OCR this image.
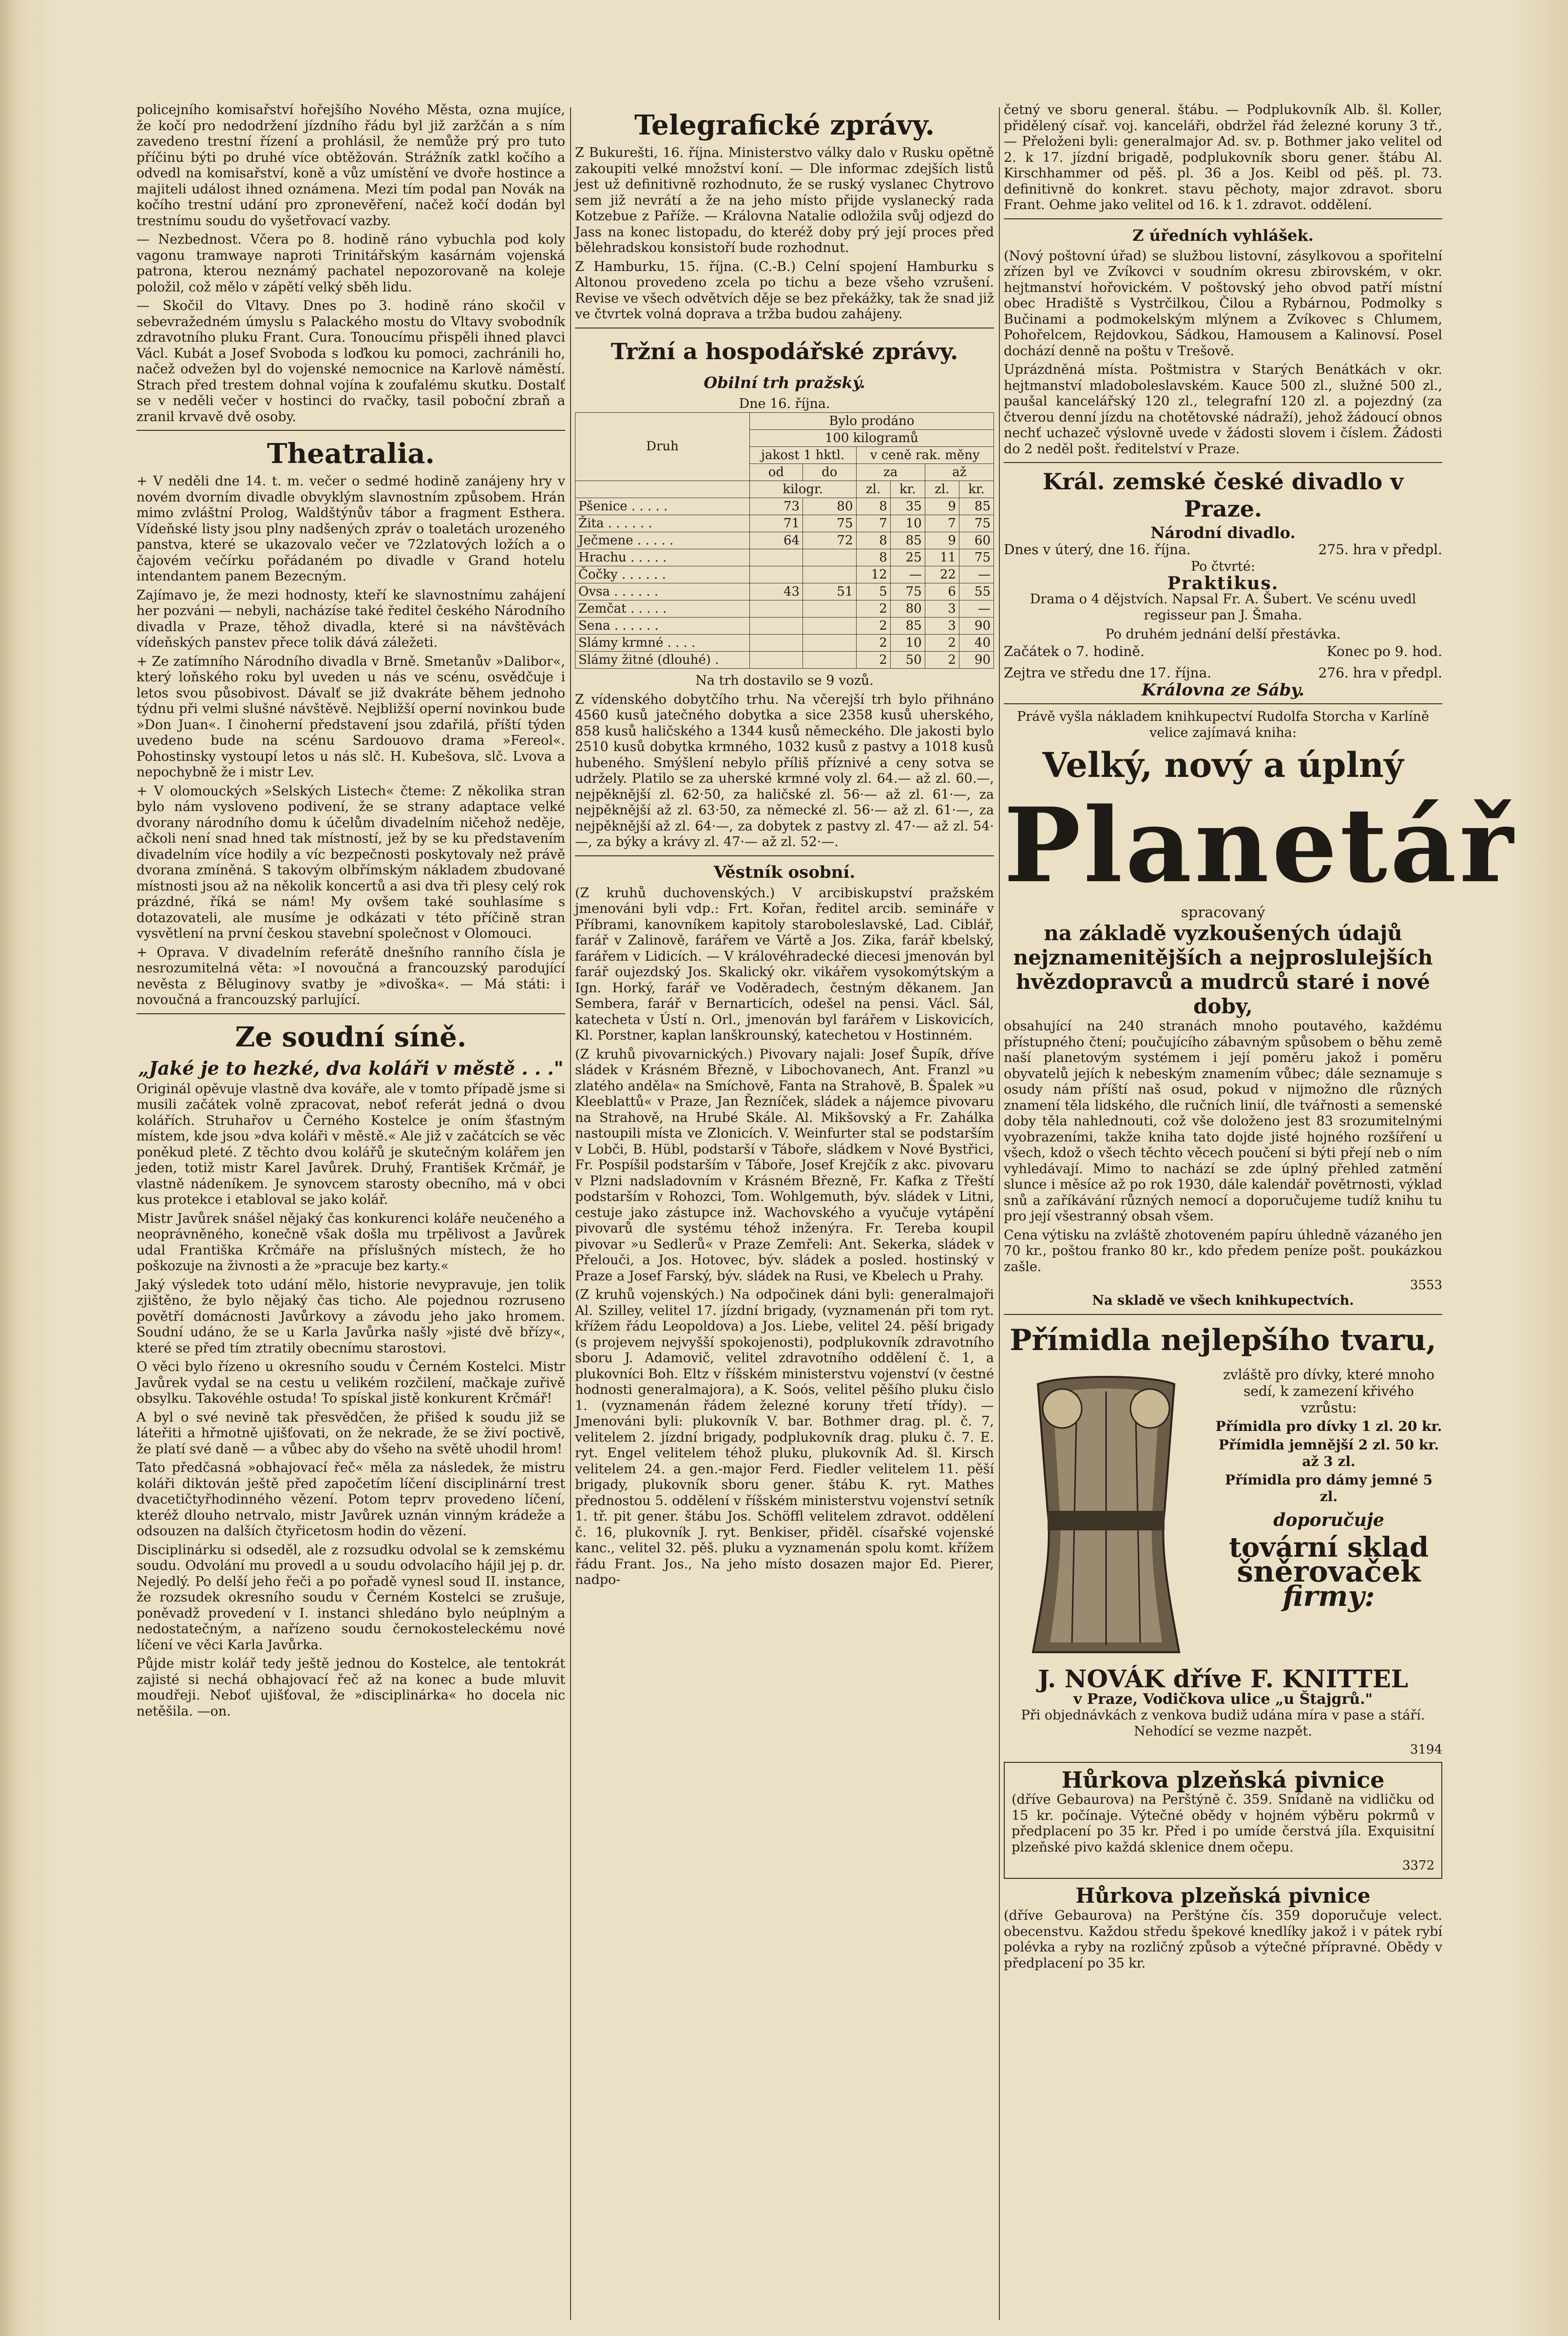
policejního komisařství hořejšího Nového Města, ozna mujíce, že kočí pro nedodržení jízdního řádu byl již zaržčán a s ním zavedeno trestní řízení a prohlásil, že nemůže prý pro tuto příčinu býti po druhé více obtěžován. Strážník zatkl kočího a odvedl na komisařství, koně a vůz umístění ve dvoře hostince a majiteli událost ihned oznámena. Mezi tím podal pan Novák na kočího trestní udání pro zpronevěření, načež kočí dodán byl trestnímu soudu do vyšetřovací vazby.

— Nezbednost. Včera po 8. hodině ráno vybuchla pod koly vagonu tramwaye naproti Trinitářským kasárnám vojenská patrona, kterou neznámý pachatel nepozorovaně na koleje položil, což mělo v zápětí velký sběh lidu.

— Skočil do Vltavy. Dnes po 3. hodině ráno skočil v sebevražedném úmyslu s Palackého mostu do Vltavy svobodník zdravotního pluku Frant. Cura. Tonoucímu přispěli ihned plavci Václ. Kubát a Josef Svoboda s loďkou ku pomoci, zachránili ho, načež odvežen byl do vojenské nemocnice na Karlově náměstí. Strach před trestem dohnal vojína k zoufalému skutku. Dostalť se v neděli večer v hostinci do rvačky, tasil poboční zbraň a zranil krvavě dvě osoby.

Theatralia.

+ V neděli dne 14. t. m. večer o sedmé hodině zanájeny hry v novém dvorním divadle obvyklým slavnostním způsobem. Hrán mimo zvláštní Prolog, Waldštýnův tábor a fragment Esthera. Vídeňské listy jsou plny nadšených zpráv o toaletách urozeného panstva, které se ukazovalo večer ve 72zlatových ložích a o čajovém večírku pořádaném po divadle v Grand hotelu intendantem panem Bezecným.

Zajímavo je, že mezi hodnosty, kteří ke slavnostnímu zahájení her pozváni — nebyli, nacházíse také ředitel českého Národního divadla v Praze, těhož divadla, které si na návštěvách vídeňských panstev přece tolik dává záležeti.

+ Ze zatímního Národního divadla v Brně. Smetanův »Dalibor«, který loňského roku byl uveden u nás ve scénu, osvědčuje i letos svou působivost. Dávalť se již dvakráte během jednoho týdnu při velmi slušné návštěvě. Nejbližší operní novinkou bude »Don Juan«. I činoherní představení jsou zdařilá, příští týden uvedeno bude na scénu Sardouovo drama »Fereol«. Pohostinsky vystoupí letos u nás slč. H. Kubešova, slč. Lvova a nepochybně že i mistr Lev.

+ V olomouckých »Selských Listech« čteme: Z několika stran bylo nám vysloveno podivení, že se strany adaptace velké dvorany národního domu k účelům divadelním ničehož neděje, ačkoli není snad hned tak místností, jež by se ku představením divadelním více hodily a víc bezpečnosti poskytovaly než právě dvorana zmíněná. S takovým olbřímským nákladem zbudované místnosti jsou až na několik koncertů a asi dva tři plesy celý rok prázdné, říká se nám! My ovšem také souhlasíme s dotazovateli, ale musíme je odkázati v této příčině stran vysvětlení na první českou stavební společnost v Olomouci.

+ Oprava. V divadelním referátě dnešního ranního čísla je nesrozumitelná věta: »I novoučná a francouzský parodující nevěsta z Běluginovy svatby je »divoška«. — Má státi: i novoučná a francouzský parlující.

Ze soudní síně.
„Jaké je to hezké, dva koláři v městě . . ."

Originál opěvuje vlastně dva kováře, ale v tomto případě jsme si musili začátek volně zpracovat, neboť referát jedná o dvou kolářích. Struhařov u Černého Kostelce je oním šťastným místem, kde jsou »dva koláři v městě.« Ale již v začátcích se věc poněkud pleté. Z těchto dvou kolářů je skutečným kolářem jen jeden, totiž mistr Karel Javůrek. Druhý, František Krčmář, je vlastně nádeníkem. Je synovcem starosty obecního, má v obci kus protekce i etabloval se jako kolář.

Mistr Javůrek snášel nějaký čas konkurenci koláře neučeného a neoprávněného, konečně však došla mu trpělivost a Javůrek udal Františka Krčmáře na příslušných místech, že ho poškozuje na živnosti a že »pracuje bez karty.«

Jaký výsledek toto udání mělo, historie nevypravuje, jen tolik zjištěno, že bylo nějaký čas ticho. Ale pojednou rozruseno povětří domácnosti Javůrkovy a závodu jeho jako hromem. Soudní udáno, že se u Karla Javůrka našly »jisté dvě břízy«, které se před tím ztratily obecnímu starostovi.

O věci bylo řízeno u okresního soudu v Černém Kostelci. Mistr Javůrek vydal se na cestu u velikém rozčilení, mačkaje zuřivě obsylku. Takovéhle ostuda! To spískal jistě konkurent Krčmář!

A byl o své nevině tak přesvědčen, že přišed k soudu již se láteřiti a hřmotně ujišťovati, on že nekrade, že se živí poctivě, že platí své daně — a vůbec aby do všeho na světě uhodil hrom!

Tato předčasná »obhajovací řeč« měla za následek, že mistru koláři diktován ještě před započetím líčení disciplinární trest dvacetičtyřhodinného vězení. Potom teprv provedeno líčení, kteréž dlouho netrvalo, mistr Javůrek uznán vinným krádeže a odsouzen na dalších čtyřicetosm hodin do vězení.

Disciplinárku si odseděl, ale z rozsudku odvolal se k zemskému soudu. Odvolání mu provedl a u soudu odvolacího hájil jej p. dr. Nejedlý. Po delší jeho řeči a po pořadě vynesl soud II. instance, že rozsudek okresního soudu v Černém Kostelci se zrušuje, poněvadž provedení v I. instanci shledáno bylo neúplným a nedostatečným, a nařízeno soudu černokosteleckému nové líčení ve věci Karla Javůrka.

Půjde mistr kolář tedy ještě jednou do Kostelce, ale tentokrát zajisté si nechá obhajovací řeč až na konec a bude mluvit moudřeji. Neboť ujišťoval, že »disciplinárka« ho docela nic netěšila. —on.

Telegrafické zprávy.

Z Bukurešti, 16. října. Ministerstvo války dalo v Rusku opětně zakoupiti velké množství koní. — Dle informac zdejších listů jest už definitivně rozhodnuto, že se ruský vyslanec Chytrovo sem již nevrátí a že na jeho místo přijde vyslanecký rada Kotzebue z Paříže. — Královna Natalie odložila svůj odjezd do Jass na konec listopadu, do kteréž doby prý její proces před bělehradskou konsistoří bude rozhodnut.

Z Hamburku, 15. října. (C.-B.) Celní spojení Hamburku s Altonou provedeno zcela po tichu a beze všeho vzrušení. Revise ve všech odvětvích děje se bez překážky, tak že snad již ve čtvrtek volná doprava a tržba budou zahájeny.

Tržní a hospodářské zprávy.
Obilní trh pražský.
Dne 16. října.
Druh	Bylo prodáno					
	100 kilogramů					
	jakost 1 hktl.		v ceně rak. měny			
	od	do	za		až	
	kilogr.		zl.	kr.	zl.	kr.
Pšenice . . . . .	73	80	8	35	9	85
Žita . . . . . .	71	75	7	10	7	75
Ječmene . . . . .	64	72	8	85	9	60
Hrachu . . . . .			8	25	11	75
Čočky . . . . . .			12	—	22	—
Ovsa . . . . . .	43	51	5	75	6	55
Zemčat . . . . .			2	80	3	—
Sena . . . . . .			2	85	3	90
Slámy krmné . . . .			2	10	2	40
Slámy žitné (dlouhé) .			2	50	2	90

Na trh dostavilo se 9 vozů.

Z vídenského dobytčího trhu. Na včerejší trh bylo přihnáno 4560 kusů jatečného dobytka a sice 2358 kusů uherského, 858 kusů haličského a 1344 kusů německého. Dle jakosti bylo 2510 kusů dobytka krmného, 1032 kusů z pastvy a 1018 kusů hubeného. Smýšlení nebylo příliš příznivé a ceny sotva se udržely. Platilo se za uherské krmné voly zl. 64.— až zl. 60.—, nejpěknější zl. 62·50, za haličské zl. 56·— až zl. 61·—, za nejpěknější až zl. 63·50, za německé zl. 56·— až zl. 61·—, za nejpěknější až zl. 64·—, za dobytek z pastvy zl. 47·— až zl. 54·—, za býky a krávy zl. 47·— až zl. 52·—.

Věstník osobní.

(Z kruhů duchovenských.) V arcibiskupství pražském jmenováni byli vdp.: Frt. Kořan, ředitel arcib. semináře v Příbrami, kanovníkem kapitoly staroboleslavské, Lad. Ciblář, farář v Zalinově, farářem ve Vártě a Jos. Zika, farář kbelský, farářem v Lidicích. — V královéhradecké diecesi jmenován byl farář oujezdský Jos. Skalický okr. vikářem vysokomýtským a Ign. Horký, farář ve Voděradech, čestným děkanem. Jan Sembera, farář v Bernarticích, odešel na pensi. Václ. Sál, katecheta v Ústí n. Orl., jmenován byl farářem v Liskovicích, Kl. Porstner, kaplan lanškrounský, katechetou v Hostinném.

(Z kruhů pivovarnických.) Pivovary najali: Josef Šupík, dříve sládek v Krásném Březně, v Libochovanech, Ant. Franzl »u zlatého anděla« na Smíchově, Fanta na Strahově, B. Špalek »u Kleeblattů« v Praze, Jan Řezníček, sládek a nájemce pivovaru na Strahově, na Hrubé Skále. Al. Mikšovský a Fr. Zahálka nastoupili místa ve Zlonicích. V. Weinfurter stal se podstarším v Lobči, B. Hübl, podstarší v Táboře, sládkem v Nové Bystřici, Fr. Pospíšil podstarším v Táboře, Josef Krejčík z akc. pivovaru v Plzni nadsladovním v Krásném Březně, Fr. Kafka z Třeští podstarším v Rohozci, Tom. Wohlgemuth, býv. sládek v Litni, cestuje jako zástupce inž. Wachovského a vyučuje vytápění pivovarů dle systému téhož inženýra. Fr. Tereba koupil pivovar »u Sedlerů« v Praze Zemřeli: Ant. Sekerka, sládek v Přelouči, a Jos. Hotovec, býv. sládek a posled. hostinský v Praze a Josef Farský, býv. sládek na Rusi, ve Kbelech u Prahy.

(Z kruhů vojenských.) Na odpočinek dáni byli: generalmajoři Al. Szilley, velitel 17. jízdní brigady, (vyznamenán při tom ryt. křížem řádu Leopoldova) a Jos. Liebe, velitel 24. pěší brigady (s projevem nejvyšší spokojenosti), podplukovník zdravotního sboru J. Adamovič, velitel zdravotního oddělení č. 1, a plukovníci Boh. Eltz v říšském ministerstvu vojenství (v čestné hodnosti generalmajora), a K. Soós, velitel pěšího pluku čislo 1. (vyznamenán řádem železné koruny třetí třídy). — Jmenováni byli: plukovník V. bar. Bothmer drag. pl. č. 7, velitelem 2. jízdní brigady, podplukovník drag. pluku č. 7. E. ryt. Engel velitelem téhož pluku, plukovník Ad. šl. Kirsch velitelem 24. a gen.-major Ferd. Fiedler velitelem 11. pěší brigady, plukovník sboru gener. štábu K. ryt. Mathes přednostou 5. oddělení v říšském ministerstvu vojenství setník 1. tř. pit gener. štábu Jos. Schöffl velitelem zdravot. oddělení č. 16, plukovník J. ryt. Benkiser, přiděl. císařské vojenské kanc., velitel 32. pěš. pluku a vyznamenán spolu komt. křížem řádu Frant. Jos., Na jeho místo dosazen major Ed. Pierer, nadpo-

četný ve sboru general. štábu. — Podplukovník Alb. šl. Koller, přidělený císař. voj. kanceláři, obdržel řád železné koruny 3 tř., — Přeloženi byli: generalmajor Ad. sv. p. Bothmer jako velitel od 2. k 17. jízdní brigadě, podplukovník sboru gener. štábu Al. Kirschhammer od pěš. pl. 36 a Jos. Keibl od pěš. pl. 73. definitivně do konkret. stavu pěchoty, major zdravot. sboru Frant. Oehme jako velitel od 16. k 1. zdravot. oddělení.

Z úředních vyhlášek.

(Nový poštovní úřad) se službou listovní, zásylkovou a spořitelní zřízen byl ve Zvíkovci v soudním okresu zbirovském, v okr. hejtmanství hořovickém. V poštovský jeho obvod patří místní obec Hradiště s Vystrčilkou, Čilou a Rybárnou, Podmolky s Bučinami a podmokelským mlýnem a Zvíkovec s Chlumem, Pohořelcem, Rejdovkou, Sádkou, Hamousem a Kalinovsí. Posel dochází denně na poštu v Trešově.

Uprázdněná místa. Poštmistra v Starých Benátkách v okr. hejtmanství mladoboleslavském. Kauce 500 zl., služné 500 zl., paušal kancelářský 120 zl., telegrafní 120 zl. a pojezdný (za čtverou denní jízdu na chotětovské nádraží), jehož žádoucí obnos nechť uchazeč výslovně uvede v žádosti slovem i číslem. Žádosti do 2 neděl pošt. ředitelství v Praze.

Král. zemské české divadlo v Praze.
Národní divadlo.
Dnes v úterý, dne 16. října.	275. hra v předpl.
Po čtvrté:
Praktikus.

Drama o 4 dějstvích. Napsal Fr. A. Šubert. Ve scénu uvedl regisseur pan J. Šmaha.

Po druhém jednání delší přestávka.
Začátek o 7. hodině.	Konec po 9. hod.
Zejtra ve středu dne 17. října.	276. hra v předpl.
Královna ze Sáby.

Právě vyšla nákladem knihkupectví Rudolfa Storcha v Karlíně velice zajímavá kniha:

Velký, nový a úplný
Planetář
spracovaný
na základě vyzkoušených údajů nejznamenitějších a nejproslulejších hvězdopravců a mudrců staré i nové doby,

obsahující na 240 stranách mnoho poutavého, každému přístupného čtení; poučujícího zábavným spůsobem o běhu země naší planetovým systémem i její poměru jakož i poměru obyvatelů jejích k nebeským znamením vůbec; dále seznamuje s osudy nám příští naš osud, pokud v nijmožno dle různých znamení těla lidského, dle ručních linií, dle tvářnosti a semenské doby těla nahlednouti, což vše doloženo jest 83 srozumitelnými vyobrazeními, takže kniha tato dojde jisté hojného rozšíření u všech, kdož o všech těchto věcech poučení si býti přejí neb o ním vyhledávají. Mimo to nachází se zde úplný přehled zatmění slunce i měsíce až po rok 1930, dále kalendář povětrnosti, výklad snů a zaříkávání různých nemocí a doporučujeme tudíž knihu tu pro její všestranný obsah všem.

Cena výtisku na zvláště zhotoveném papíru úhledně vázaného jen 70 kr., poštou franko 80 kr., kdo předem peníze pošt. poukázkou zašle.

3553
Na skladě ve všech knihkupectvích.
Přímidla nejlepšího tvaru,
zvláště pro dívky, které mnoho sedí, k zamezení křivého vzrůstu:
Přímidla pro dívky 1 zl. 20 kr.
Přímidla jemnější 2 zl. 50 kr. až 3 zl.
Přímidla pro dámy jemné 5 zl.
doporučuje
tovární sklad
šněrovaček
firmy:
J. NOVÁK dříve F. KNITTEL
v Praze, Vodičkova ulice „u Štajgrů."

Při objednávkách z venkova budiž udána míra v pase a stáří. Nehodící se vezme nazpět.

3194
Hůrkova plzeňská pivnice

(dříve Gebaurova) na Perštýně č. 359. Snídaně na vidličku od 15 kr. počínaje. Výtečné obědy v hojném výběru pokrmů v předplacení po 35 kr. Před i po umíde čerstvá jíla. Exquisitní plzeňské pivo každá sklenice dnem očepu.

3372
Hůrkova plzeňská pivnice

(dříve Gebaurova) na Perštýne čís. 359 doporučuje velect. obecenstvu. Každou středu špekové knedlíky jakož i v pátek rybí polévka a ryby na rozličný způsob a výtečné přípravné. Obědy v předplacení po 35 kr.
